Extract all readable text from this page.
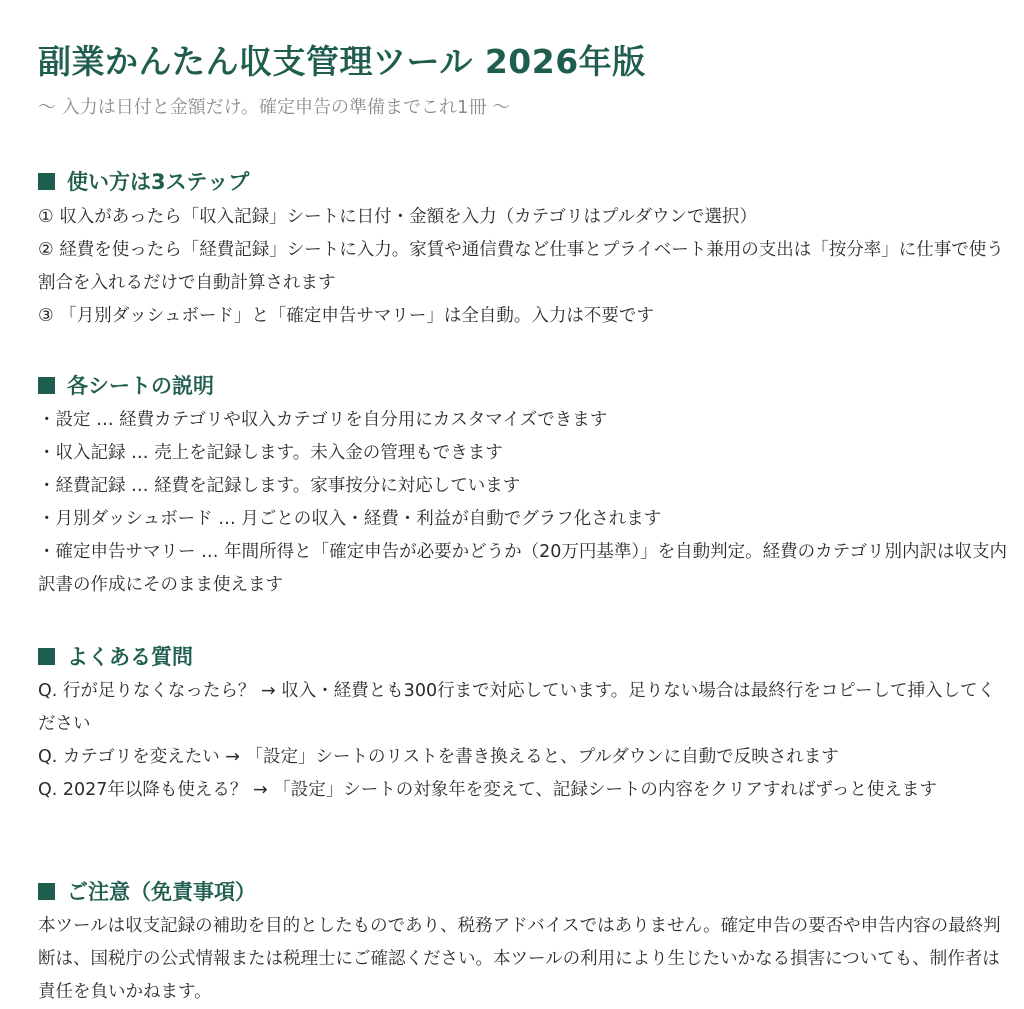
副業かんたん収支管理ツール 2026年版
〜 入力は日付と金額だけ。確定申告の準備までこれ1冊 〜
使い方は3ステップ
① 収入があったら「収入記録」シートに日付・金額を入力（カテゴリはプルダウンで選択）
② 経費を使ったら「経費記録」シートに入力。家賃や通信費など仕事とプライベート兼用の支出は「按分率」に仕事で使う割合を入れるだけで自動計算されます
③ 「月別ダッシュボード」と「確定申告サマリー」は全自動。入力は不要です
各シートの説明
・設定 … 経費カテゴリや収入カテゴリを自分用にカスタマイズできます
・収入記録 … 売上を記録します。未入金の管理もできます
・経費記録 … 経費を記録します。家事按分に対応しています
・月別ダッシュボード … 月ごとの収入・経費・利益が自動でグラフ化されます
・確定申告サマリー … 年間所得と「確定申告が必要かどうか（20万円基準）」を自動判定。経費のカテゴリ別内訳は収支内訳書の作成にそのまま使えます
よくある質問
Q. 行が足りなくなったら？ → 収入・経費とも300行まで対応しています。足りない場合は最終行をコピーして挿入してください
Q. カテゴリを変えたい → 「設定」シートのリストを書き換えると、プルダウンに自動で反映されます
Q. 2027年以降も使える？ → 「設定」シートの対象年を変えて、記録シートの内容をクリアすればずっと使えます
ご注意（免責事項）
本ツールは収支記録の補助を目的としたものであり、税務アドバイスではありません。確定申告の要否や申告内容の最終判断は、国税庁の公式情報または税理士にご確認ください。本ツールの利用により生じたいかなる損害についても、制作者は責任を負いかねます。
